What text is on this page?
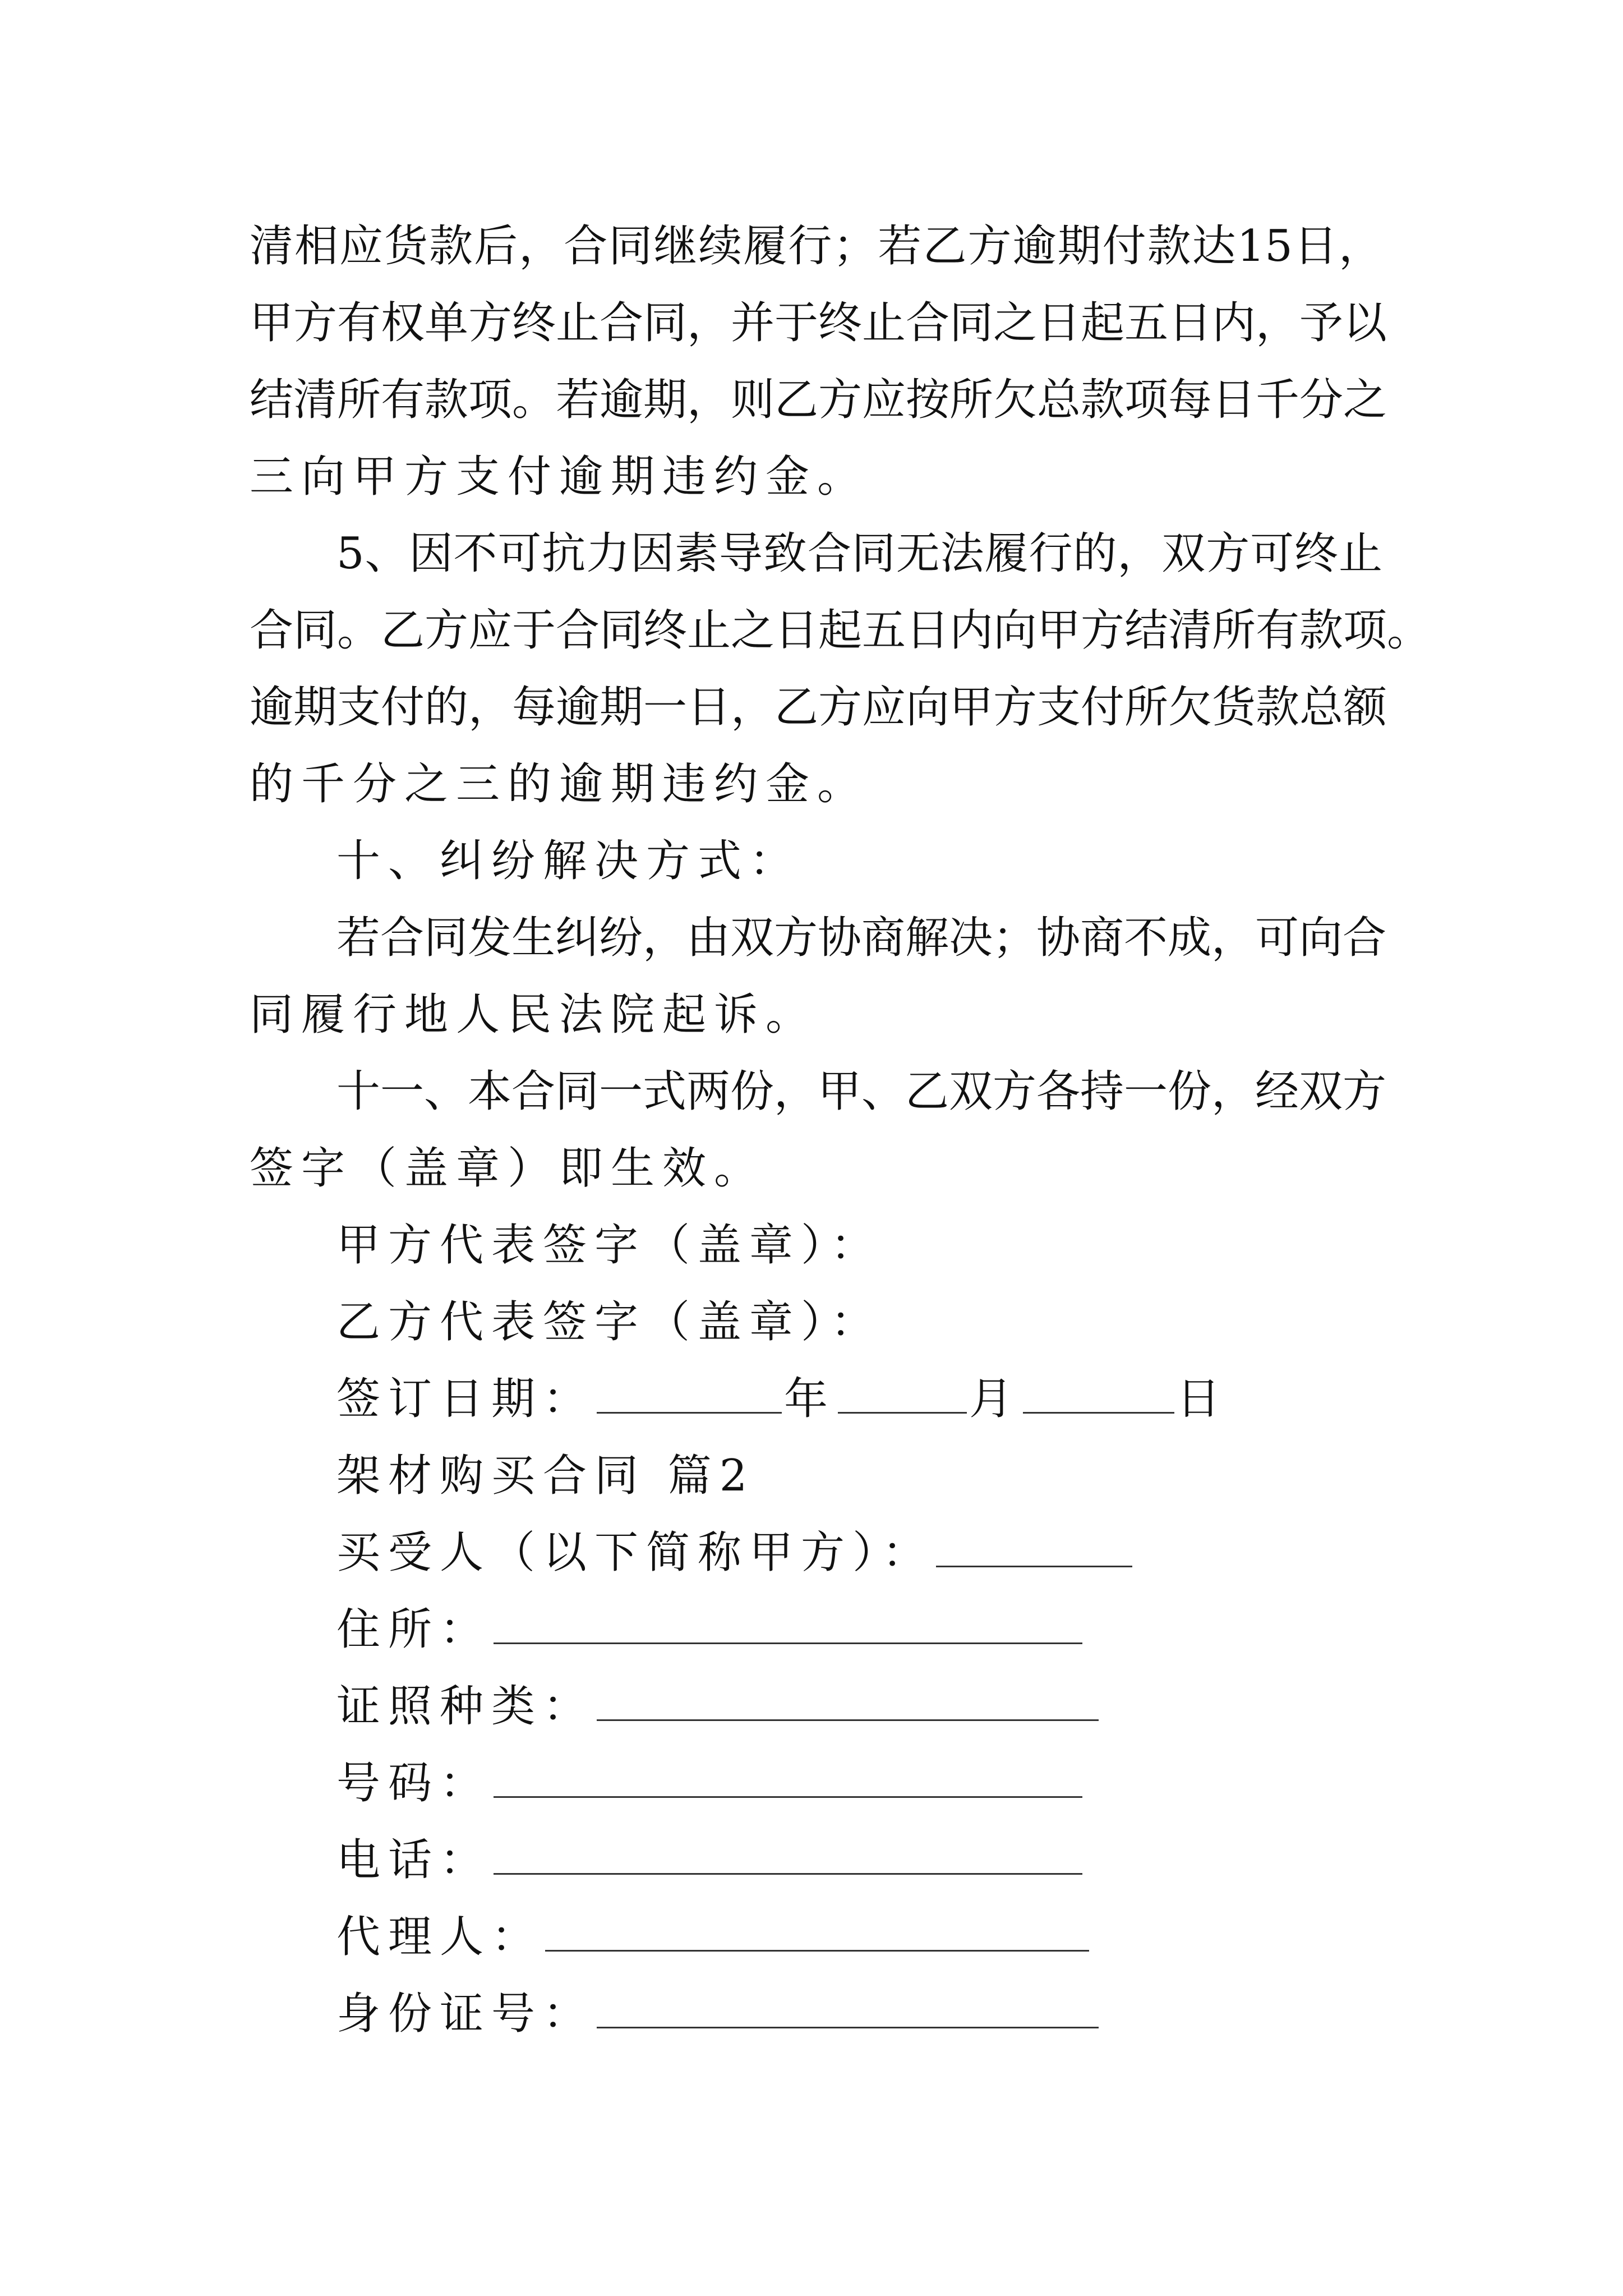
清相应货款后，合同继续履行；若乙方逾期付款达15日，
甲方有权单方终止合同，并于终止合同之日起五日内，予以
结清所有款项。若逾期，则乙方应按所欠总款项每日千分之
三向甲方支付逾期违约金。
5、因不可抗力因素导致合同无法履行的，双方可终止
合同。乙方应于合同终止之日起五日内向甲方结清所有款项。
逾期支付的，每逾期一日，乙方应向甲方支付所欠货款总额
的千分之三的逾期违约金。
十、纠纷解决方式：
若合同发生纠纷，由双方协商解决；协商不成，可向合
同履行地人民法院起诉。
十一、本合同一式两份，甲、乙双方各持一份，经双方
签字（盖章）即生效。
甲方代表签字（盖章）：
乙方代表签字（盖章）：
签订日期：	年	月	日
架材购买合同 篇2
买受人（以下简称甲方）：
住所：
证照种类：
号码：
电话：
代理人：
身份证号：
